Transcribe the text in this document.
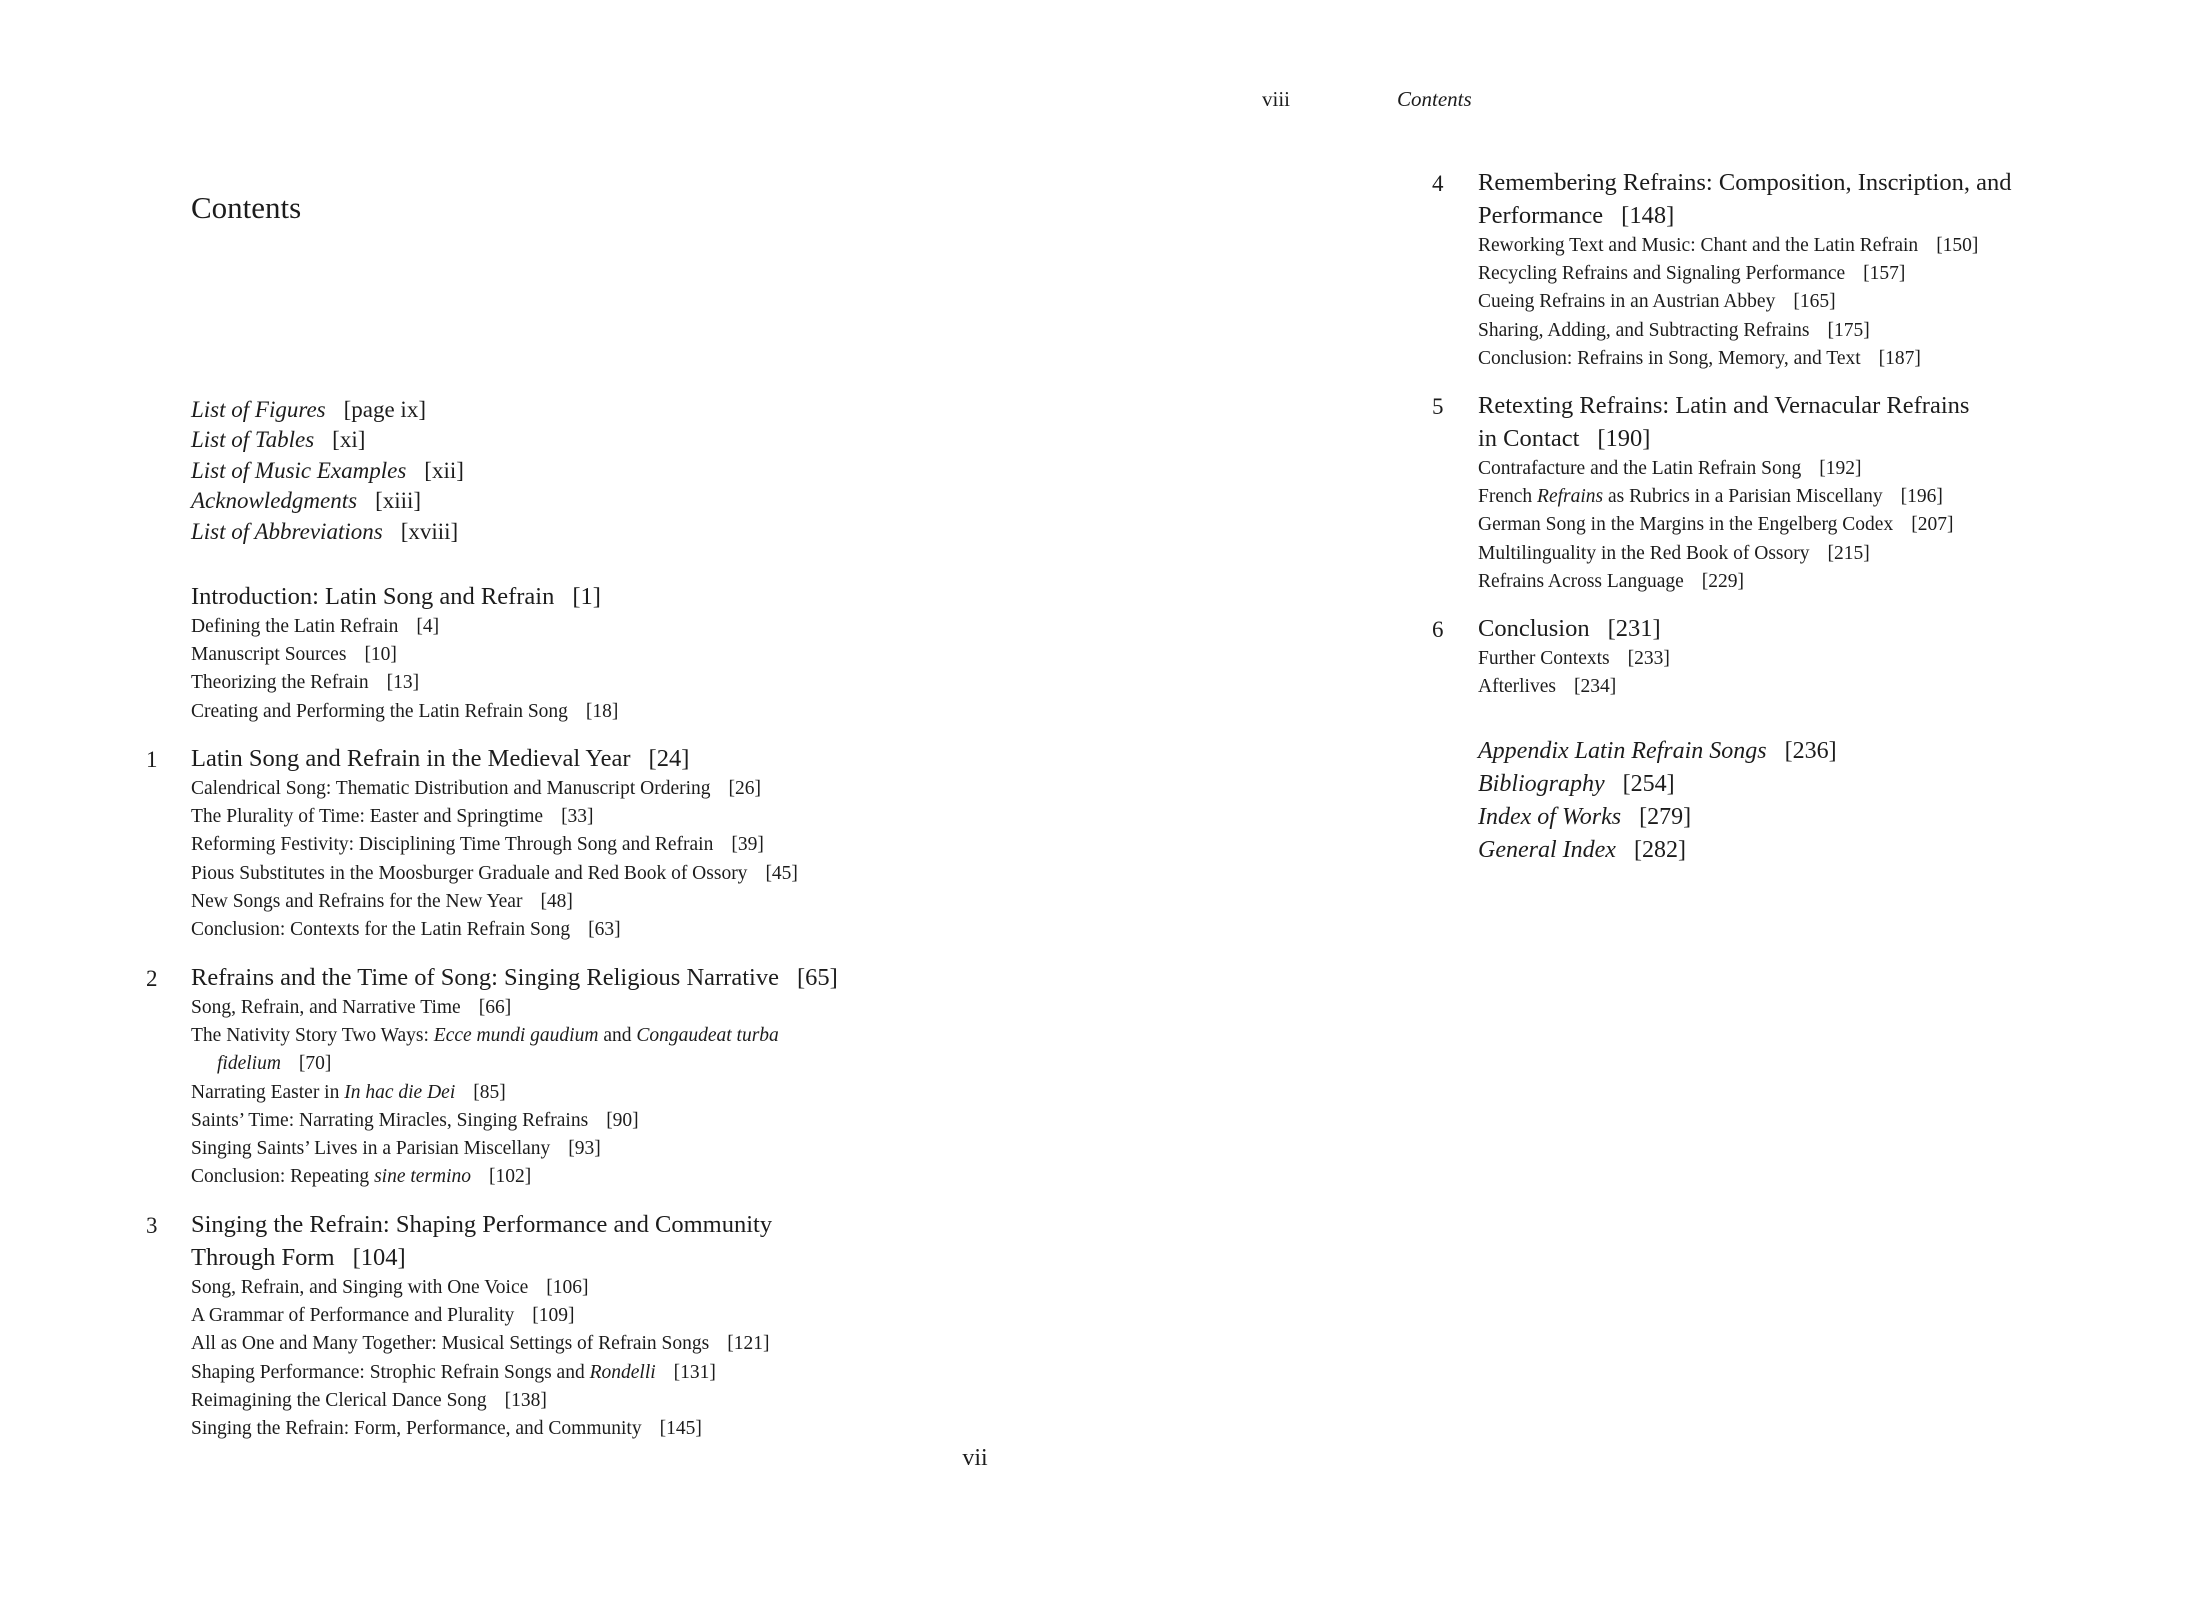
Contents
List of Figures [page ix]
List of Tables [xi]
List of Music Examples [xii]
Acknowledgments [xiii]
List of Abbreviations [xviii]
Introduction: Latin Song and Refrain [1]
Defining the Latin Refrain [4]
Manuscript Sources [10]
Theorizing the Refrain [13]
Creating and Performing the Latin Refrain Song [18]
1 Latin Song and Refrain in the Medieval Year [24]
Calendrical Song: Thematic Distribution and Manuscript Ordering [26]
The Plurality of Time: Easter and Springtime [33]
Reforming Festivity: Disciplining Time Through Song and Refrain [39]
Pious Substitutes in the Moosburger Graduale and Red Book of Ossory [45]
New Songs and Refrains for the New Year [48]
Conclusion: Contexts for the Latin Refrain Song [63]
2 Refrains and the Time of Song: Singing Religious Narrative [65]
Song, Refrain, and Narrative Time [66]
The Nativity Story Two Ways: Ecce mundi gaudium and Congaudeat turba
fidelium [70]
Narrating Easter in In hac die Dei [85]
Saints’ Time: Narrating Miracles, Singing Refrains [90]
Singing Saints’ Lives in a Parisian Miscellany [93]
Conclusion: Repeating sine termino [102]
3 Singing the Refrain: Shaping Performance and Community
Through Form [104]
Song, Refrain, and Singing with One Voice [106]
A Grammar of Performance and Plurality [109]
All as One and Many Together: Musical Settings of Refrain Songs [121]
Shaping Performance: Strophic Refrain Songs and Rondelli [131]
Reimagining the Clerical Dance Song [138]
Singing the Refrain: Form, Performance, and Community [145]
vii
viii	Contents
4 Remembering Refrains: Composition, Inscription, and
Performance [148]
Reworking Text and Music: Chant and the Latin Refrain [150]
Recycling Refrains and Signaling Performance [157]
Cueing Refrains in an Austrian Abbey [165]
Sharing, Adding, and Subtracting Refrains [175]
Conclusion: Refrains in Song, Memory, and Text [187]
5 Retexting Refrains: Latin and Vernacular Refrains
in Contact [190]
Contrafacture and the Latin Refrain Song [192]
French Refrains as Rubrics in a Parisian Miscellany [196]
German Song in the Margins in the Engelberg Codex [207]
Multilinguality in the Red Book of Ossory [215]
Refrains Across Language [229]
6 Conclusion [231]
Further Contexts [233]
Afterlives [234]
Appendix Latin Refrain Songs [236]
Bibliography [254]
Index of Works [279]
General Index [282]
